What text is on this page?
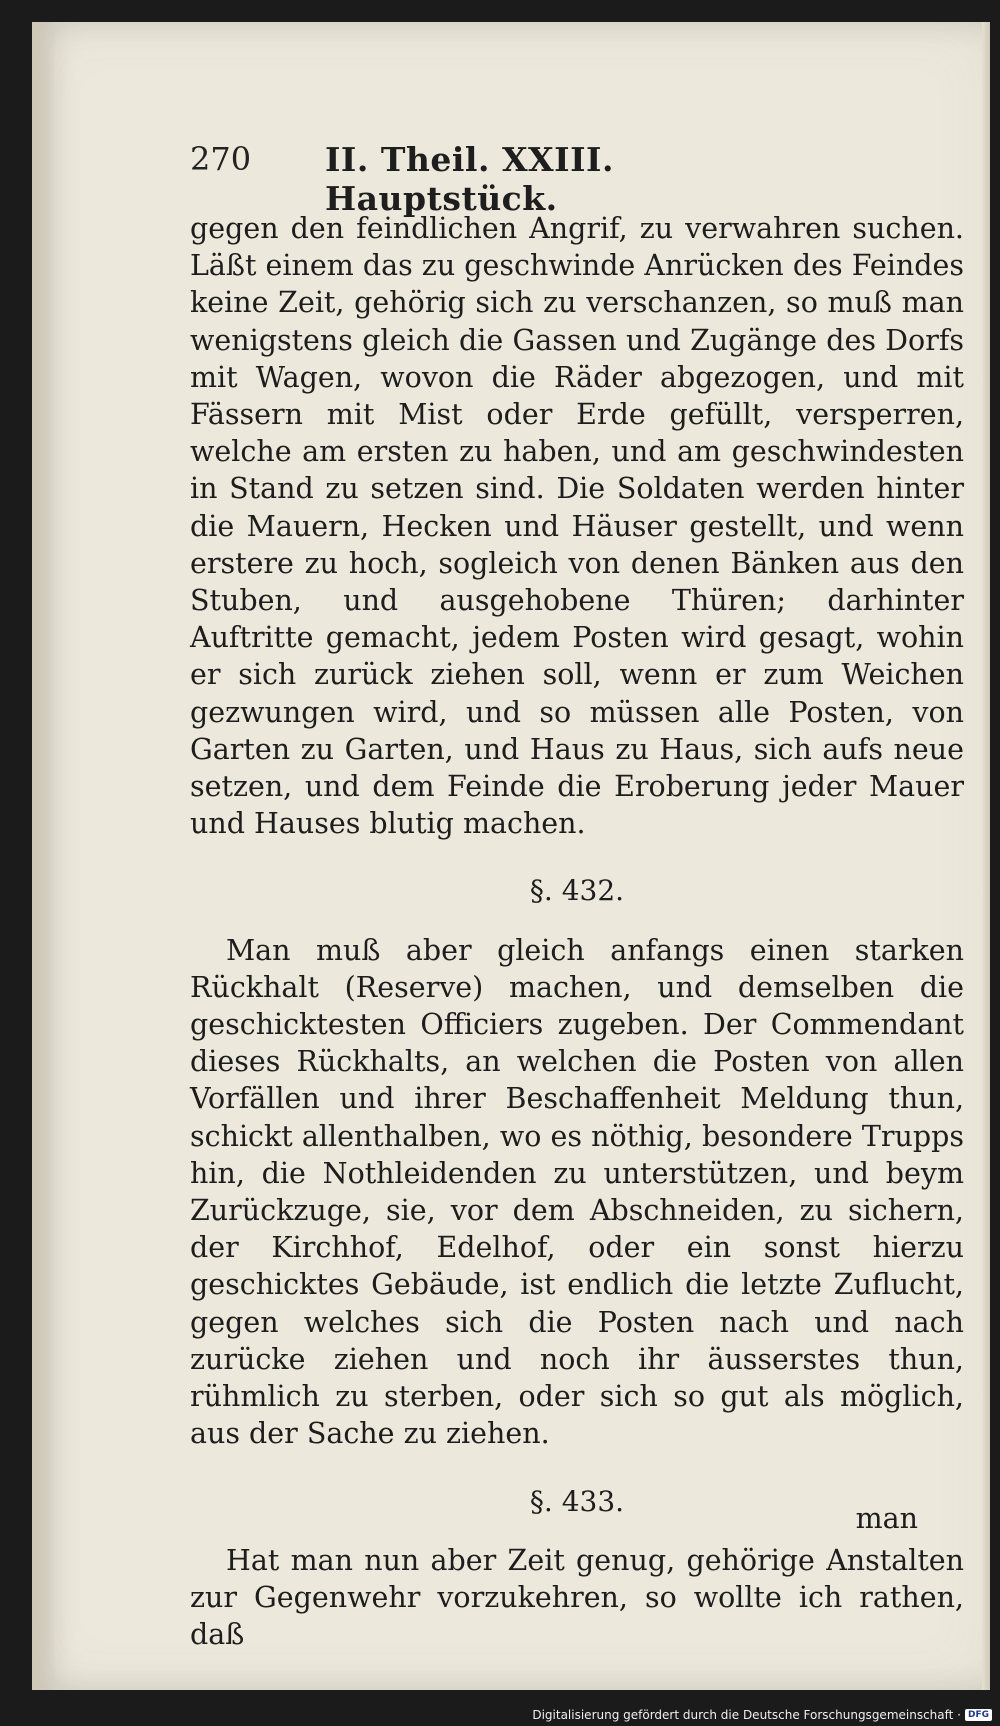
270 II. Theil. XXIII. Hauptstück.

gegen den feindlichen Angrif, zu verwahren suchen. Läßt einem das zu geschwinde Anrücken des Feindes keine Zeit, gehörig sich zu verschanzen, so muß man wenigstens gleich die Gassen und Zugänge des Dorfs mit Wagen, wovon die Räder abgezogen, und mit Fässern mit Mist oder Erde gefüllt, versperren, welche am ersten zu haben, und am geschwindesten in Stand zu setzen sind. Die Soldaten werden hinter die Mauern, Hecken und Häuser gestellt, und wenn erstere zu hoch, sogleich von denen Bänken aus den Stuben, und ausgehobene Thüren; darhinter Auftritte gemacht, jedem Posten wird gesagt, wohin er sich zurück ziehen soll, wenn er zum Weichen gezwungen wird, und so müssen alle Posten, von Garten zu Garten, und Haus zu Haus, sich aufs neue setzen, und dem Feinde die Eroberung jeder Mauer und Hauses blutig machen.

§. 432.

Man muß aber gleich anfangs einen starken Rückhalt (Reserve) machen, und demselben die geschicktesten Officiers zugeben. Der Commendant dieses Rückhalts, an welchen die Posten von allen Vorfällen und ihrer Beschaffenheit Meldung thun, schickt allenthalben, wo es nöthig, besondere Trupps hin, die Nothleidenden zu unterstützen, und beym Zurückzuge, sie, vor dem Abschneiden, zu sichern, der Kirchhof, Edelhof, oder ein sonst hierzu geschicktes Gebäude, ist endlich die letzte Zuflucht, gegen welches sich die Posten nach und nach zurücke ziehen und noch ihr äusserstes thun, rühmlich zu sterben, oder sich so gut als möglich, aus der Sache zu ziehen.

§. 433.

Hat man nun aber Zeit genug, gehörige Anstalten zur Gegenwehr vorzukehren, so wollte ich rathen, daß

man
Digitalisierung gefördert durch die Deutsche Forschungsgemeinschaft · DFG
